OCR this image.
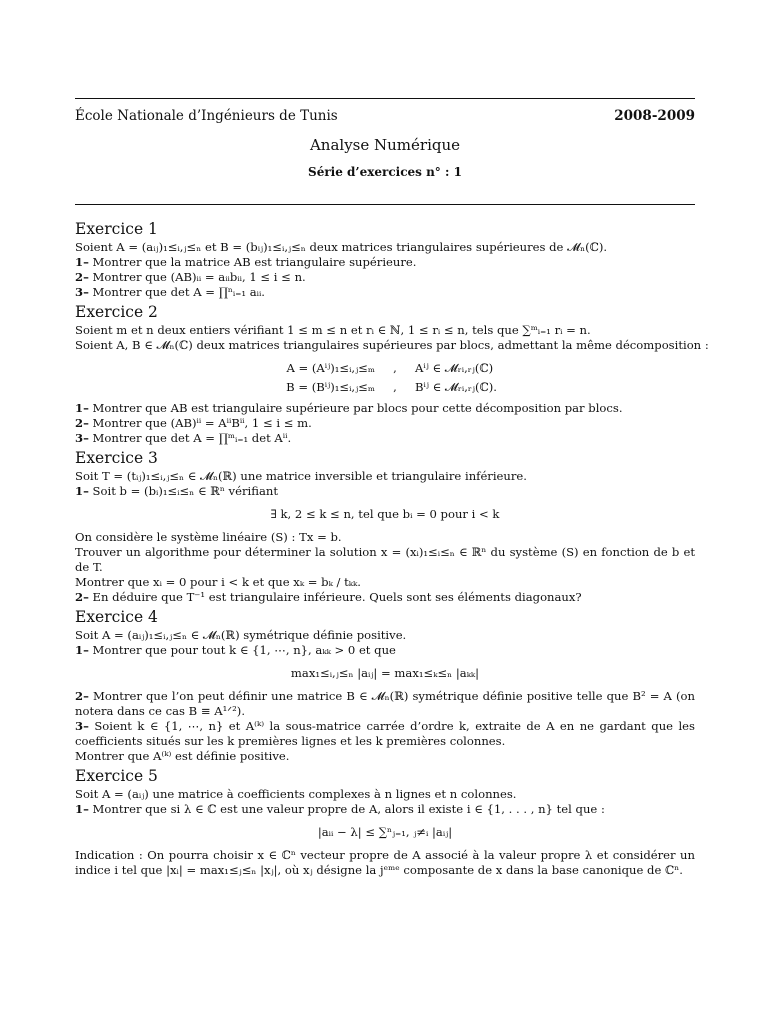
École Nationale d’Ingénieurs de Tunis	2008-2009
Analyse Numérique
Série d’exercices n° : 1
Exercice 1
Soient A = (aᵢⱼ)₁≤ᵢ,ⱼ≤ₙ et B = (bᵢⱼ)₁≤ᵢ,ⱼ≤ₙ deux matrices triangulaires supérieures de 𝓜ₙ(ℂ).
1– Montrer que la matrice AB est triangulaire supérieure.
2– Montrer que (AB)ᵢᵢ = aᵢᵢbᵢᵢ, 1 ≤ i ≤ n.
3– Montrer que det A = ∏ⁿᵢ₌₁ aᵢᵢ.
Exercice 2
Soient m et n deux entiers vérifiant 1 ≤ m ≤ n et rᵢ ∈ ℕ, 1 ≤ rᵢ ≤ n, tels que ∑ᵐᵢ₌₁ rᵢ = n.
Soient A, B ∈ 𝓜ₙ(ℂ) deux matrices triangulaires supérieures par blocs, admettant la même décomposition :
A = (Aⁱʲ)₁≤ᵢ,ⱼ≤ₘ	,	Aⁱʲ ∈ 𝓜ᵣᵢ,ᵣⱼ(ℂ)
B = (Bⁱʲ)₁≤ᵢ,ⱼ≤ₘ	,	Bⁱʲ ∈ 𝓜ᵣᵢ,ᵣⱼ(ℂ).
1– Montrer que AB est triangulaire supérieure par blocs pour cette décomposition par blocs.
2– Montrer que (AB)ⁱⁱ = AⁱⁱBⁱⁱ, 1 ≤ i ≤ m.
3– Montrer que det A = ∏ᵐᵢ₌₁ det Aⁱⁱ.
Exercice 3
Soit T = (tᵢⱼ)₁≤ᵢ,ⱼ≤ₙ ∈ 𝓜ₙ(ℝ) une matrice inversible et triangulaire inférieure.
1– Soit b = (bᵢ)₁≤ᵢ≤ₙ ∈ ℝⁿ vérifiant
∃ k, 2 ≤ k ≤ n, tel que bᵢ = 0 pour i < k
On considère le système linéaire (S) : Tx = b.
Trouver un algorithme pour déterminer la solution x = (xᵢ)₁≤ᵢ≤ₙ ∈ ℝⁿ du système (S) en fonction de b et de T.
Montrer que xᵢ = 0 pour i < k et que xₖ = bₖ / tₖₖ.
2– En déduire que T⁻¹ est triangulaire inférieure. Quels sont ses éléments diagonaux?
Exercice 4
Soit A = (aᵢⱼ)₁≤ᵢ,ⱼ≤ₙ ∈ 𝓜ₙ(ℝ) symétrique définie positive.
1– Montrer que pour tout k ∈ {1, ⋯, n}, aₖₖ > 0 et que
max₁≤ᵢ,ⱼ≤ₙ |aᵢⱼ| = max₁≤ₖ≤ₙ |aₖₖ|
2– Montrer que l’on peut définir une matrice B ∈ 𝓜ₙ(ℝ) symétrique définie positive telle que B² = A (on notera dans ce cas B ≡ A¹ᐟ²).
3– Soient k ∈ {1, ⋯, n} et A⁽ᵏ⁾ la sous-matrice carrée d’ordre k, extraite de A en ne gardant que les coefficients situés sur les k premières lignes et les k premières colonnes.
Montrer que A⁽ᵏ⁾ est définie positive.
Exercice 5
Soit A = (aᵢⱼ) une matrice à coefficients complexes à n lignes et n colonnes.
1– Montrer que si λ ∈ ℂ est une valeur propre de A, alors il existe i ∈ {1, . . . , n} tel que :
|aᵢᵢ − λ| ≤ ∑ⁿⱼ₌₁, ⱼ≠ᵢ |aᵢⱼ|
Indication : On pourra choisir x ∈ ℂⁿ vecteur propre de A associé à la valeur propre λ et considérer un indice i tel que |xᵢ| = max₁≤ⱼ≤ₙ |xⱼ|, où xⱼ désigne la jᵉᵐᵉ composante de x dans la base canonique de ℂⁿ.
